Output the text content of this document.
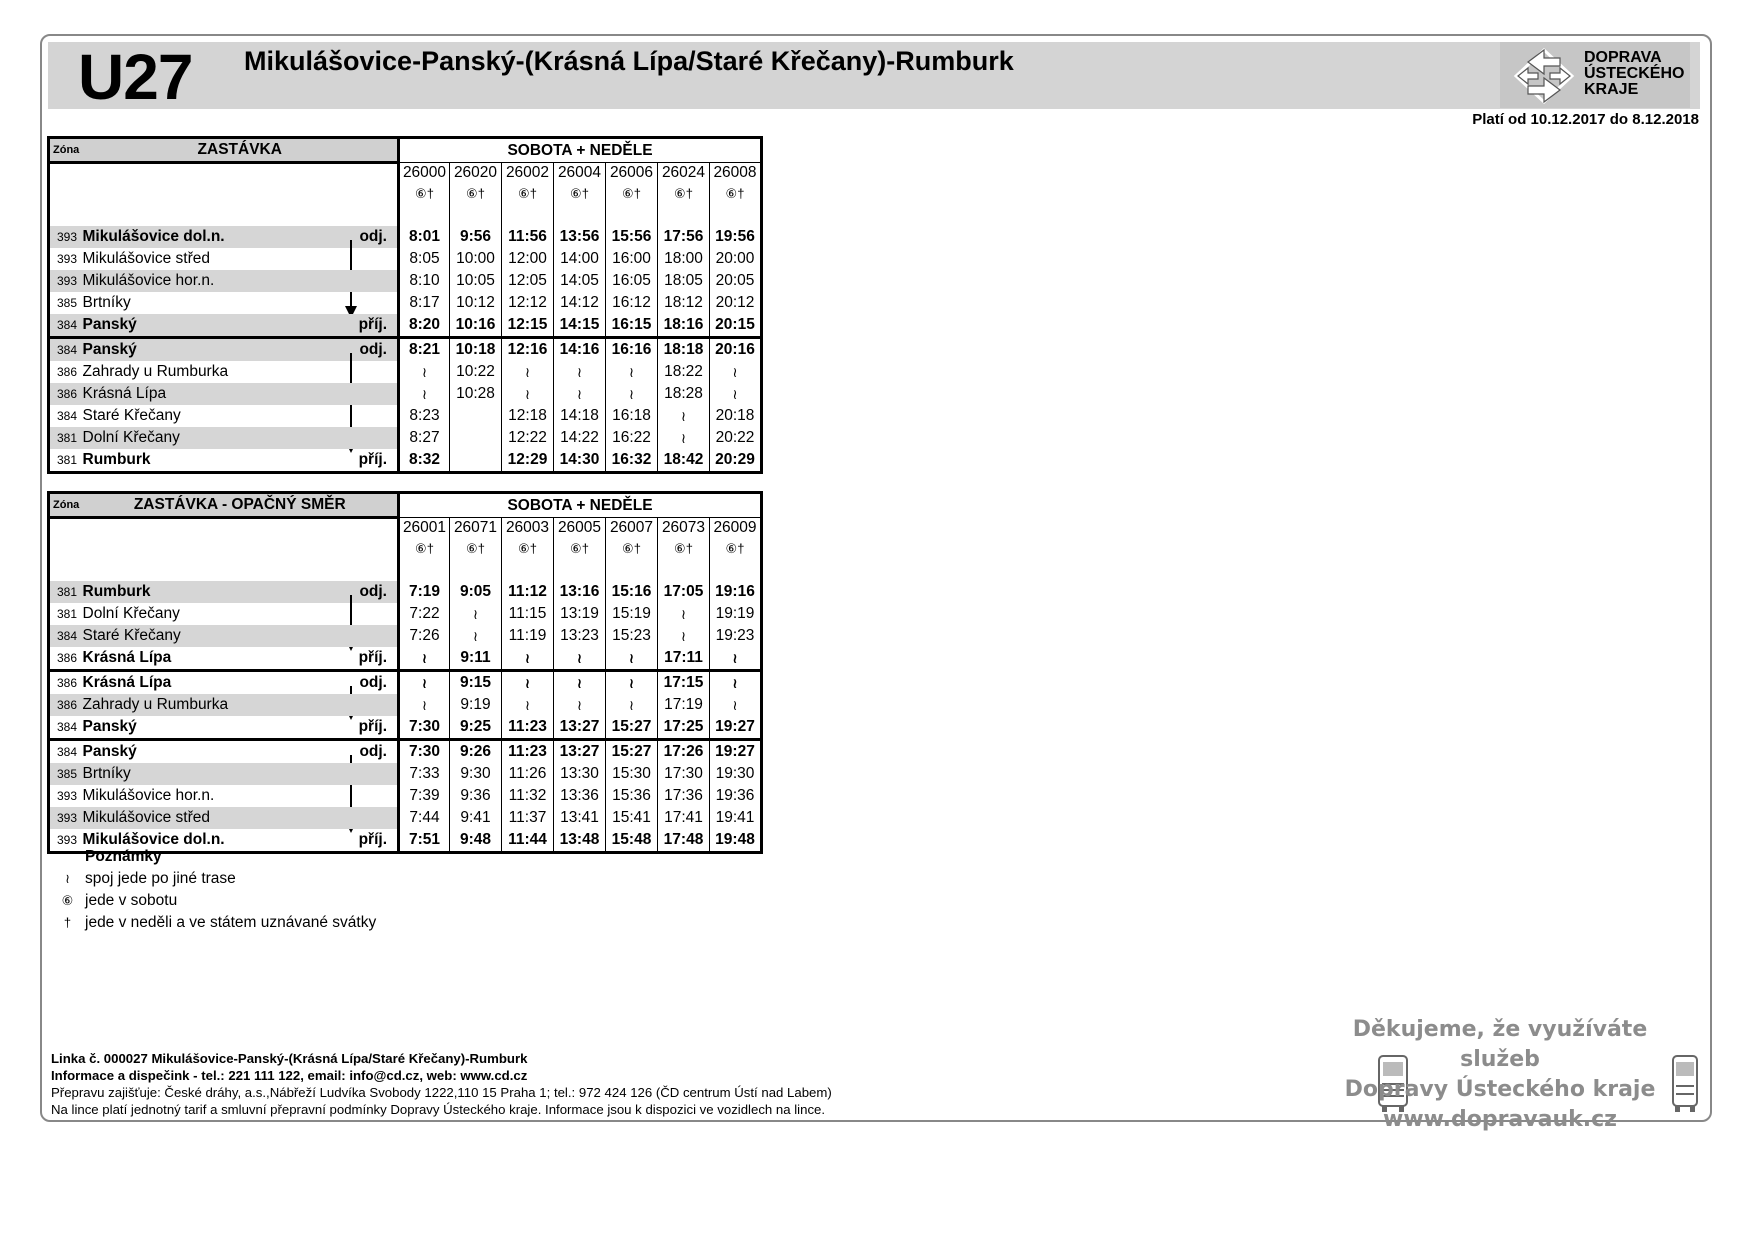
U27 Mikulášovice-Panský-(Krásná Lípa/Staré Křečany)-Rumburk	DOPRAVA
ÚSTECKÉHO
KRAJE
Platí od 10.12.2017 do 8.12.2018
Zóna	ZASTÁVKA		SOBOTA + NEDĚLE						
			26000	26020	26002	26004	26006	26024	26008
			⑥†	⑥†	⑥†	⑥†	⑥†	⑥†	⑥†

393	Mikulášovice dol.n.	odj.	8:01	9:56	11:56	13:56	15:56	17:56	19:56
393	Mikulášovice střed		8:05	10:00	12:00	14:00	16:00	18:00	20:00
393	Mikulášovice hor.n.		8:10	10:05	12:05	14:05	16:05	18:05	20:05
385	Brtníky		8:17	10:12	12:12	14:12	16:12	18:12	20:12
384	Panský	příj.	8:20	10:16	12:15	14:15	16:15	18:16	20:15
384	Panský	odj.	8:21	10:18	12:16	14:16	16:16	18:18	20:16
386	Zahrady u Rumburka		≀	10:22	≀	≀	≀	18:22	≀
386	Krásná Lípa		≀	10:28	≀	≀	≀	18:28	≀
384	Staré Křečany		8:23		12:18	14:18	16:18	≀	20:18
381	Dolní Křečany		8:27		12:22	14:22	16:22	≀	20:22
381	Rumburk	příj.	8:32		12:29	14:30	16:32	18:42	20:29
Zóna	ZASTÁVKA - OPAČNÝ SMĚR		SOBOTA + NEDĚLE						
			26001	26071	26003	26005	26007	26073	26009
			⑥†	⑥†	⑥†	⑥†	⑥†	⑥†	⑥†

381	Rumburk	odj.	7:19	9:05	11:12	13:16	15:16	17:05	19:16
381	Dolní Křečany		7:22	≀	11:15	13:19	15:19	≀	19:19
384	Staré Křečany		7:26	≀	11:19	13:23	15:23	≀	19:23
386	Krásná Lípa	příj.	≀	9:11	≀	≀	≀	17:11	≀
386	Krásná Lípa	odj.	≀	9:15	≀	≀	≀	17:15	≀
386	Zahrady u Rumburka		≀	9:19	≀	≀	≀	17:19	≀
384	Panský	příj.	7:30	9:25	11:23	13:27	15:27	17:25	19:27
384	Panský	odj.	7:30	9:26	11:23	13:27	15:27	17:26	19:27
385	Brtníky		7:33	9:30	11:26	13:30	15:30	17:30	19:30
393	Mikulášovice hor.n.		7:39	9:36	11:32	13:36	15:36	17:36	19:36
393	Mikulášovice střed		7:44	9:41	11:37	13:41	15:41	17:41	19:41
393	Mikulášovice dol.n.	příj.	7:51	9:48	11:44	13:48	15:48	17:48	19:48
Poznámky
≀ spoj jede po jiné trase
⑥ jede v sobotu
† jede v neděli a ve státem uznávané svátky
Linka č. 000027 Mikulášovice-Panský-(Krásná Lípa/Staré Křečany)-Rumburk
Informace a dispečink - tel.: 221 111 122, email: info@cd.cz, web: www.cd.cz
Přepravu zajišťuje: České dráhy, a.s.,Nábřeží Ludvíka Svobody 1222,110 15 Praha 1; tel.: 972 424 126 (ČD centrum Ústí nad Labem)
Na lince platí jednotný tarif a smluvní přepravní podmínky Dopravy Ústeckého kraje. Informace jsou k dispozici ve vozidlech na lince.
Děkujeme, že využíváte služeb
Dopravy Ústeckého kraje
www.dopravauk.cz
